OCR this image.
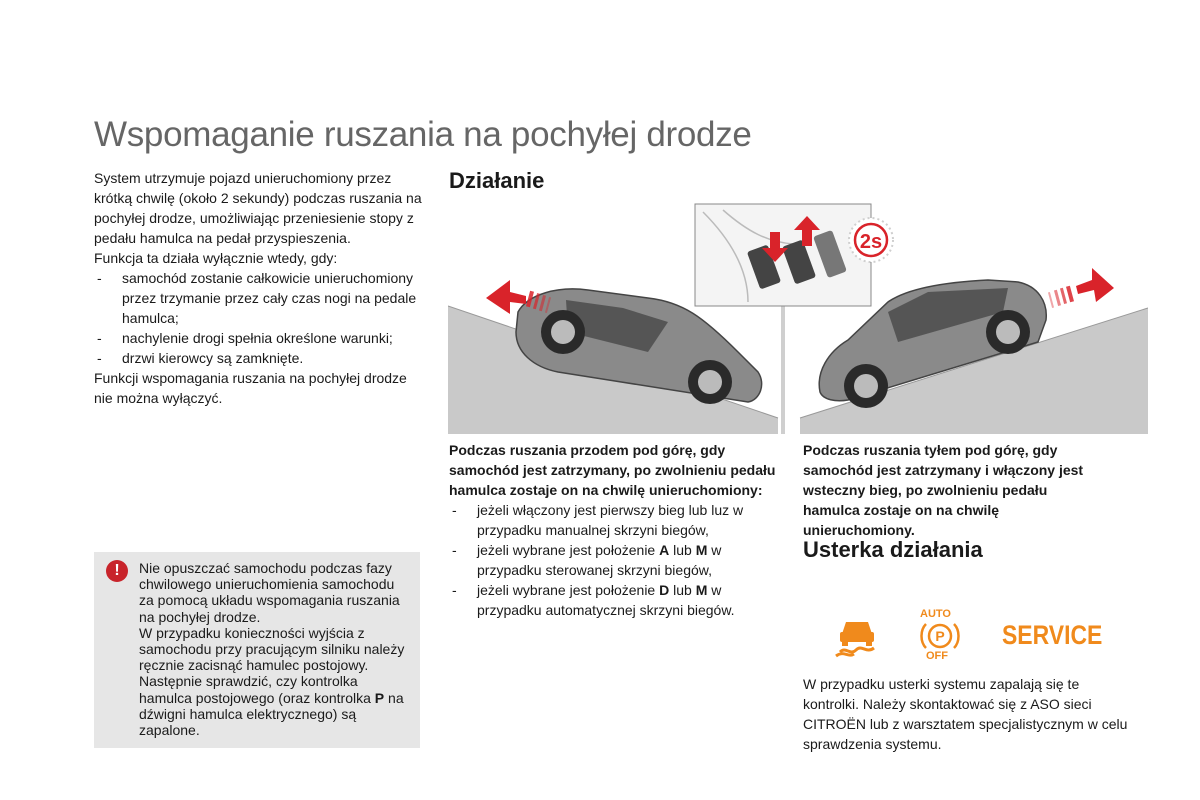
Wspomaganie ruszania na pochyłej drodze

System utrzymuje pojazd unieruchomiony przez krótką chwilę (około 2 sekundy) podczas ruszania na pochyłej drodze, umożliwiając przeniesienie stopy z pedału hamulca na pedał przyspieszenia.

Funkcja ta działa wyłącznie wtedy, gdy:

- samochód zostanie całkowicie unieruchomiony przez trzymanie przez cały czas nogi na pedale hamulca;
- nachylenie drogi spełnia określone warunki;
- drzwi kierowcy są zamknięte.

Funkcji wspomagania ruszania na pochyłej drodze nie można wyłączyć.

!	Nie opuszczać samochodu podczas fazy chwilowego unieruchomienia samochodu za pomocą układu wspomagania ruszania na pochyłej drodze.

W przypadku konieczności wyjścia z samochodu przy pracującym silniku należy ręcznie zacisnąć hamulec postojowy. Następnie sprawdzić, czy kontrolka hamulca postojowego (oraz kontrolka P na dźwigni hamulca elektrycznego) są zapalone.

Działanie
2s

Podczas ruszania przodem pod górę, gdy samochód jest zatrzymany, po zwolnieniu pedału hamulca zostaje on na chwilę unieruchomiony:

- jeżeli włączony jest pierwszy bieg lub luz w przypadku manualnej skrzyni biegów,
- jeżeli wybrane jest położenie A lub M w przypadku sterowanej skrzyni biegów,
- jeżeli wybrane jest położenie D lub M w przypadku automatycznej skrzyni biegów.
Podczas ruszania tyłem pod górę, gdy samochód jest zatrzymany i włączony jest wsteczny bieg, po zwolnieniu pedału hamulca zostaje on na chwilę unieruchomiony.
Usterka działania
AUTO
P
OFF
SERVICE

W przypadku usterki systemu zapalają się te kontrolki. Należy skontaktować się z ASO sieci CITROËN lub z warsztatem specjalistycznym w celu sprawdzenia systemu.
